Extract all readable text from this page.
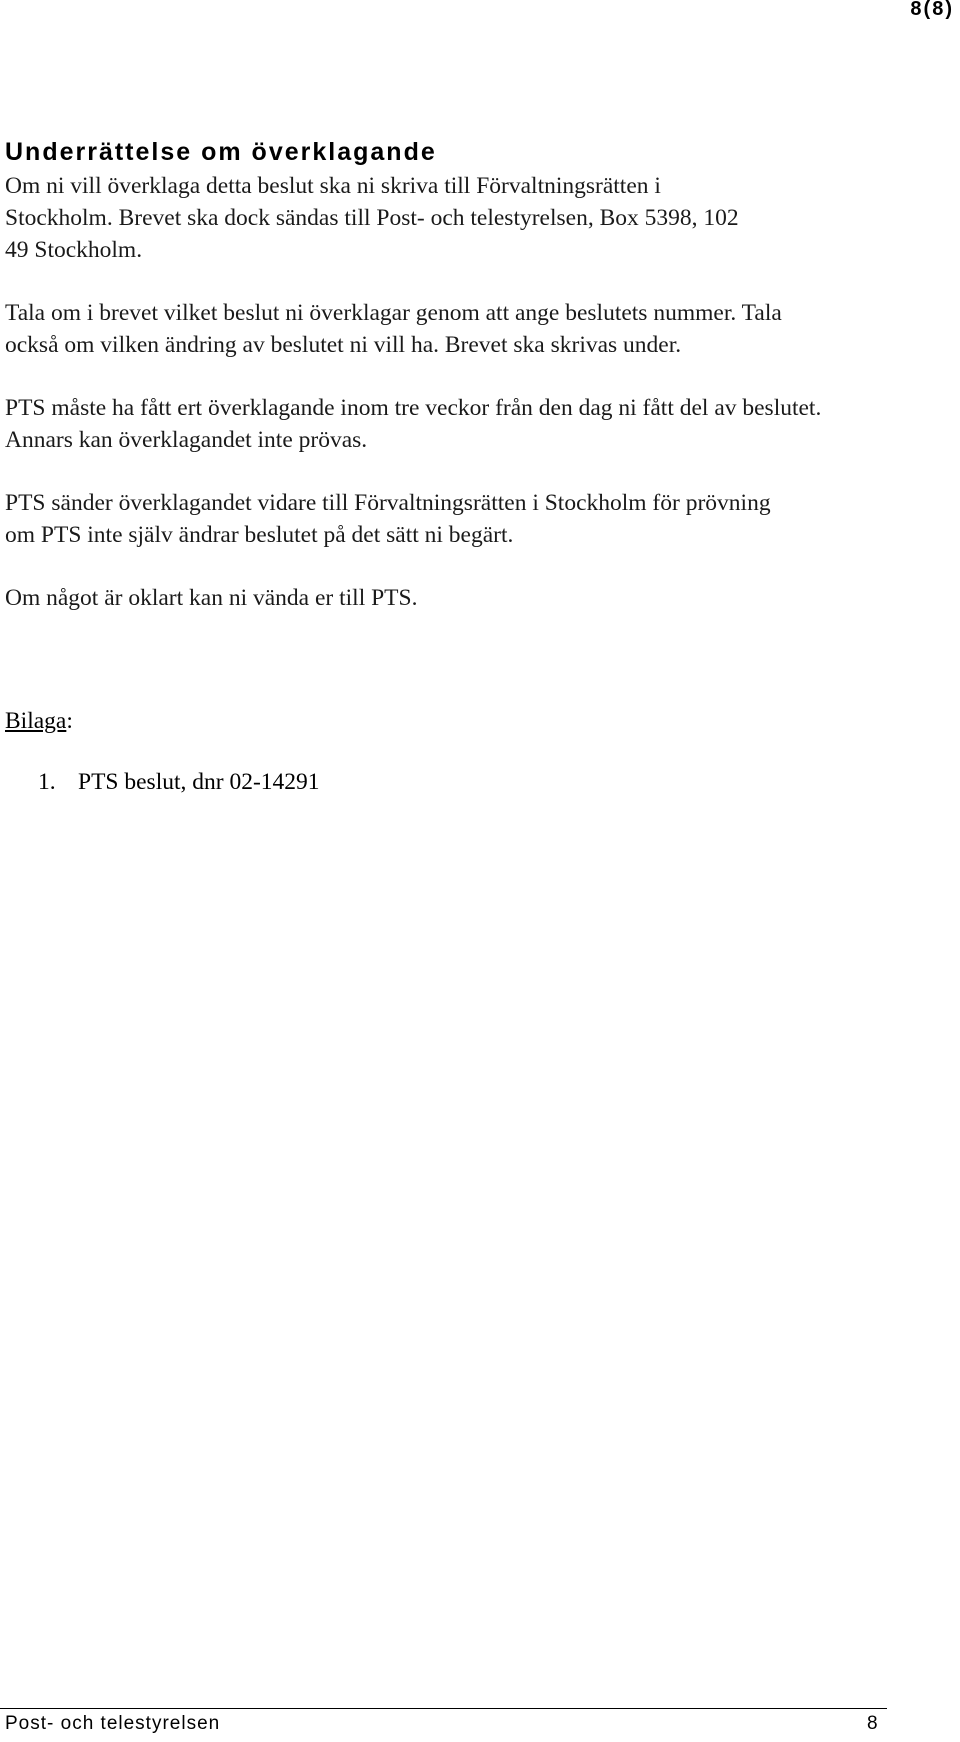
8(8)
Underrättelse om överklagande

Om ni vill överklaga detta beslut ska ni skriva till Förvaltningsrätten i Stockholm. Brevet ska dock sändas till Post- och telestyrelsen, Box 5398, 102 49 Stockholm.

Tala om i brevet vilket beslut ni överklagar genom att ange beslutets nummer. Tala också om vilken ändring av beslutet ni vill ha. Brevet ska skrivas under.

PTS måste ha fått ert överklagande inom tre veckor från den dag ni fått del av beslutet. Annars kan överklagandet inte prövas.

PTS sänder överklagandet vidare till Förvaltningsrätten i Stockholm för prövning om PTS inte själv ändrar beslutet på det sätt ni begärt.

Om något är oklart kan ni vända er till PTS.

Bilaga:
1. PTS beslut, dnr 02-14291
Post- och telestyrelsen	8
